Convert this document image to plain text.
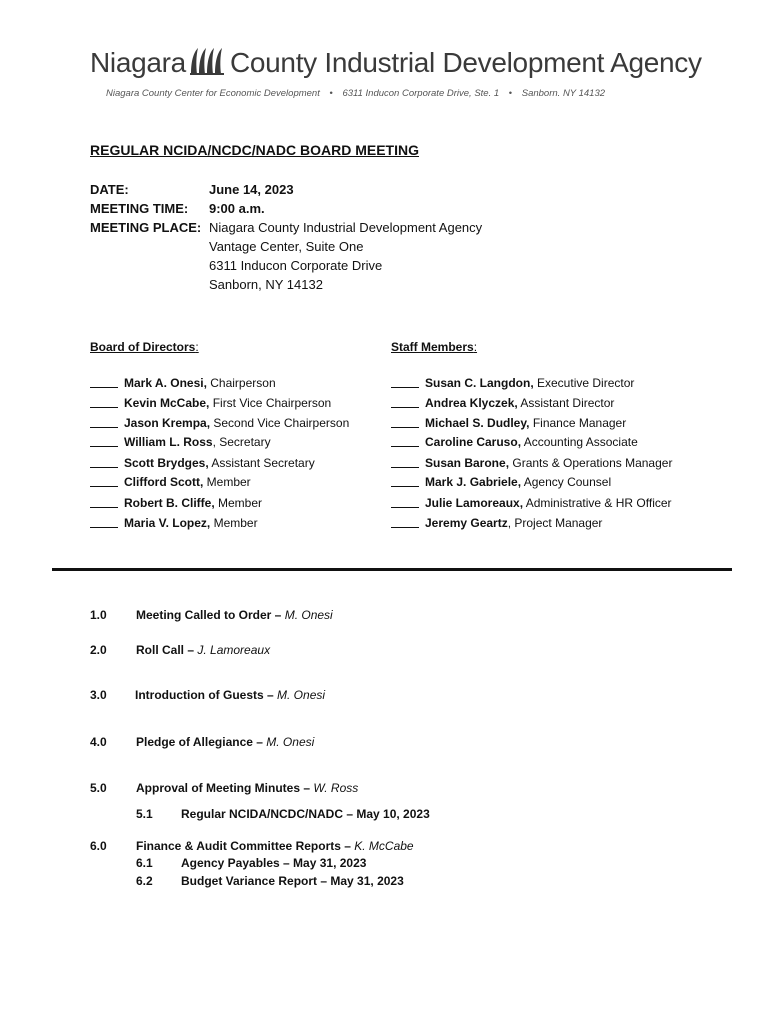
Niagara County Industrial Development Agency
Niagara County Center for Economic Development • 6311 Inducon Corporate Drive, Ste. 1 • Sanborn. NY 14132
REGULAR NCIDA/NCDC/NADC BOARD MEETING
DATE:	June 14, 2023
MEETING TIME: 9:00 a.m.
MEETING PLACE: Niagara County Industrial Development Agency
Vantage Center, Suite One
6311 Inducon Corporate Drive
Sanborn, NY 14132
Board of Directors:
Mark A. Onesi, Chairperson
Kevin McCabe, First Vice Chairperson
Jason Krempa, Second Vice Chairperson
William L. Ross, Secretary
Scott Brydges, Assistant Secretary
Clifford Scott, Member
Robert B. Cliffe, Member
Maria V. Lopez, Member
Staff Members:
Susan C. Langdon, Executive Director
Andrea Klyczek, Assistant Director
Michael S. Dudley, Finance Manager
Caroline Caruso, Accounting Associate
Susan Barone, Grants & Operations Manager
Mark J. Gabriele, Agency Counsel
Julie Lamoreaux, Administrative & HR Officer
Jeremy Geartz, Project Manager
1.0 Meeting Called to Order – M. Onesi
2.0 Roll Call – J. Lamoreaux
3.0 Introduction of Guests – M. Onesi
4.0 Pledge of Allegiance – M. Onesi
5.0 Approval of Meeting Minutes – W. Ross
5.1 Regular NCIDA/NCDC/NADC – May 10, 2023
6.0 Finance & Audit Committee Reports – K. McCabe
6.1 Agency Payables – May 31, 2023
6.2 Budget Variance Report – May 31, 2023
